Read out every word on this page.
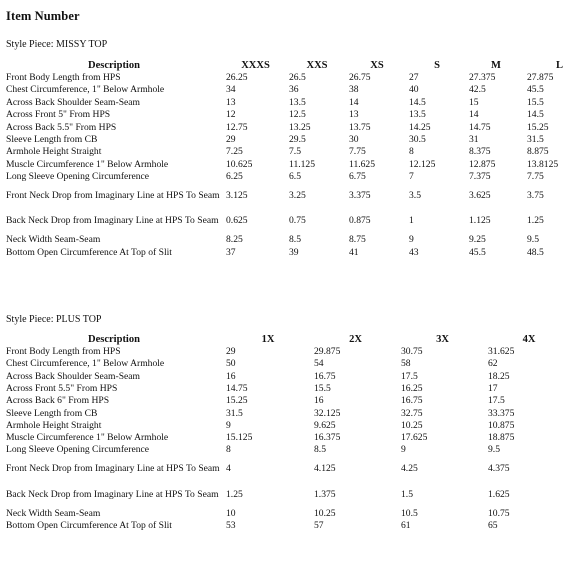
Item Number
Style Piece: MISSY TOP
Description	XXXS	XXS	XS	S	M	L
Front Body Length from HPS	26.25	26.5	26.75	27	27.375	27.875
Chest Circumference, 1" Below Armhole	34	36	38	40	42.5	45.5
Across Back Shoulder Seam-Seam	13	13.5	14	14.5	15	15.5
Across Front 5" From HPS	12	12.5	13	13.5	14	14.5
Across Back 5.5" From HPS	12.75	13.25	13.75	14.25	14.75	15.25
Sleeve Length from CB	29	29.5	30	30.5	31	31.5
Armhole Height Straight	7.25	7.5	7.75	8	8.375	8.875
Muscle Circumference 1" Below Armhole	10.625	11.125	11.625	12.125	12.875	13.8125
Long Sleeve Opening Circumference	6.25	6.5	6.75	7	7.375	7.75
Front Neck Drop from Imaginary Line at HPS To Seam	3.125	3.25	3.375	3.5	3.625	3.75
Back Neck Drop from Imaginary Line at HPS To Seam	0.625	0.75	0.875	1	1.125	1.25
Neck Width Seam-Seam	8.25	8.5	8.75	9	9.25	9.5
Bottom Open Circumference At Top of Slit	37	39	41	43	45.5	48.5
Style Piece: PLUS TOP
Description	1X	2X	3X	4X	
Front Body Length from HPS	29	29.875	30.75	31.625	
Chest Circumference, 1" Below Armhole	50	54	58	62	
Across Back Shoulder Seam-Seam	16	16.75	17.5	18.25	
Across Front 5.5" From HPS	14.75	15.5	16.25	17	
Across Back 6" From HPS	15.25	16	16.75	17.5	
Sleeve Length from CB	31.5	32.125	32.75	33.375	
Armhole Height Straight	9	9.625	10.25	10.875	
Muscle Circumference 1" Below Armhole	15.125	16.375	17.625	18.875	
Long Sleeve Opening Circumference	8	8.5	9	9.5	
Front Neck Drop from Imaginary Line at HPS To Seam	4	4.125	4.25	4.375	
Back Neck Drop from Imaginary Line at HPS To Seam	1.25	1.375	1.5	1.625	
Neck Width Seam-Seam	10	10.25	10.5	10.75	
Bottom Open Circumference At Top of Slit	53	57	61	65	
